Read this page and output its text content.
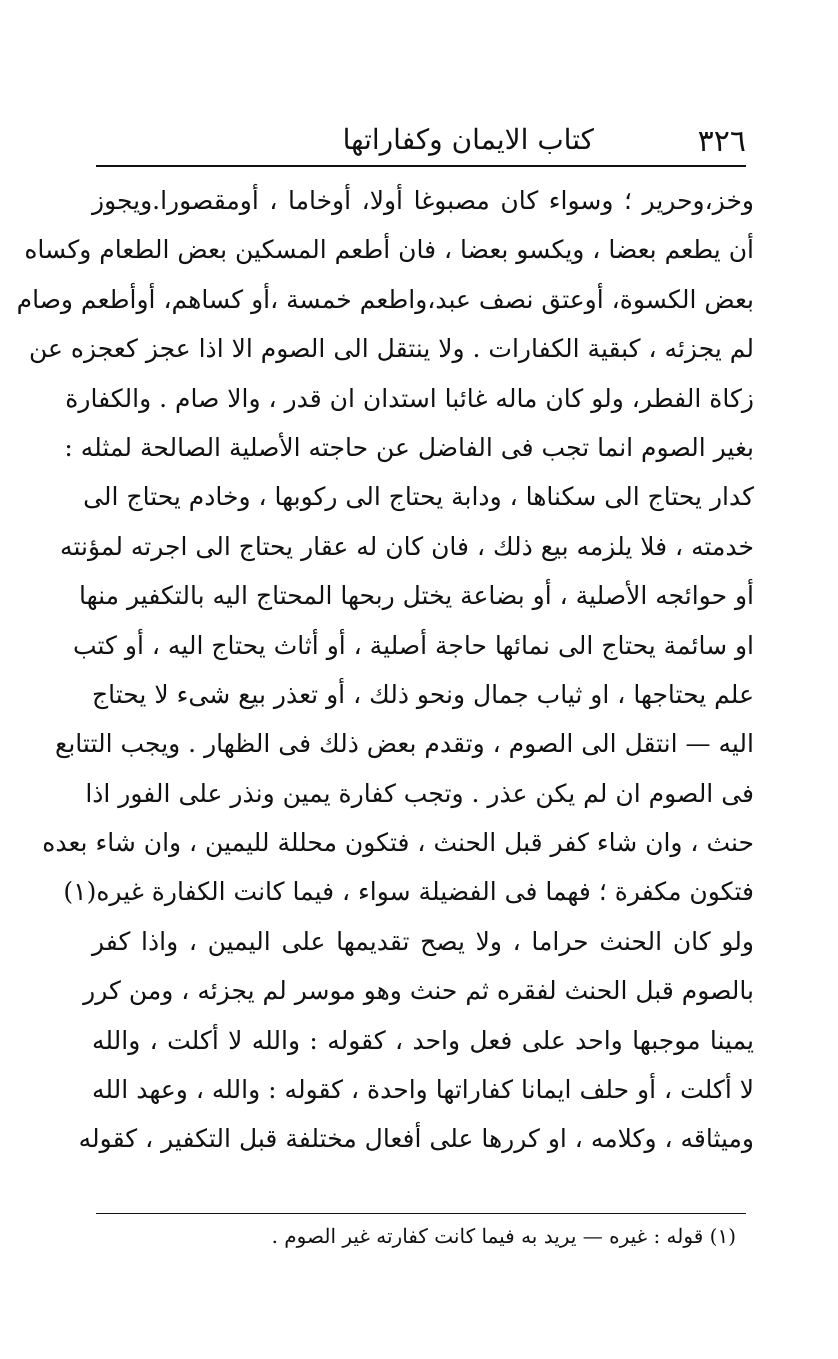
٣٢٦
كتاب الايمان وكفاراتها
وخز،وحرير ؛ وسواء كان مصبوغا أولا، أوخاما ، أومقصورا.ويجوز
أن يطعم بعضا ، ويكسو بعضا ، فان أطعم المسكين بعض الطعام وكساه
بعض الكسوة، أوعتق نصف عبد،واطعم خمسة ،أو كساهم، أوأطعم وصام
لم يجزئه ، كبقية الكفارات . ولا ينتقل الى الصوم الا اذا عجز كعجزه عن
زكاة الفطر، ولو كان ماله غائبا استدان ان قدر ، والا صام . والكفارة
بغير الصوم انما تجب فى الفاضل عن حاجته الأصلية الصالحة لمثله :
كدار يحتاج الى سكناها ، ودابة يحتاج الى ركوبها ، وخادم يحتاج الى
خدمته ، فلا يلزمه بيع ذلك ، فان كان له عقار يحتاج الى اجرته لمؤنته
أو حوائجه الأصلية ، أو بضاعة يختل ربحها المحتاج اليه بالتكفير منها
او سائمة يحتاج الى نمائها حاجة أصلية ، أو أثاث يحتاج اليه ، أو كتب
علم يحتاجها ، او ثياب جمال ونحو ذلك ، أو تعذر بيع شىء لا يحتاج
اليه — انتقل الى الصوم ، وتقدم بعض ذلك فى الظهار . ويجب التتابع
فى الصوم ان لم يكن عذر . وتجب كفارة يمين ونذر على الفور اذا
حنث ، وان شاء كفر قبل الحنث ، فتكون محللة لليمين ، وان شاء بعده
فتكون مكفرة ؛ فهما فى الفضيلة سواء ، فيما كانت الكفارة غيره(١)
ولو كان الحنث حراما ، ولا يصح تقديمها على اليمين ، واذا كفر
بالصوم قبل الحنث لفقره ثم حنث وهو موسر لم يجزئه ، ومن كرر
يمينا موجبها واحد على فعل واحد ، كقوله : والله لا أكلت ، والله
لا أكلت ، أو حلف ايمانا كفاراتها واحدة ، كقوله : والله ، وعهد الله
وميثاقه ، وكلامه ، او كررها على أفعال مختلفة قبل التكفير ، كقوله
(١) قوله : غيره — يريد به فيما كانت كفارته غير الصوم .
